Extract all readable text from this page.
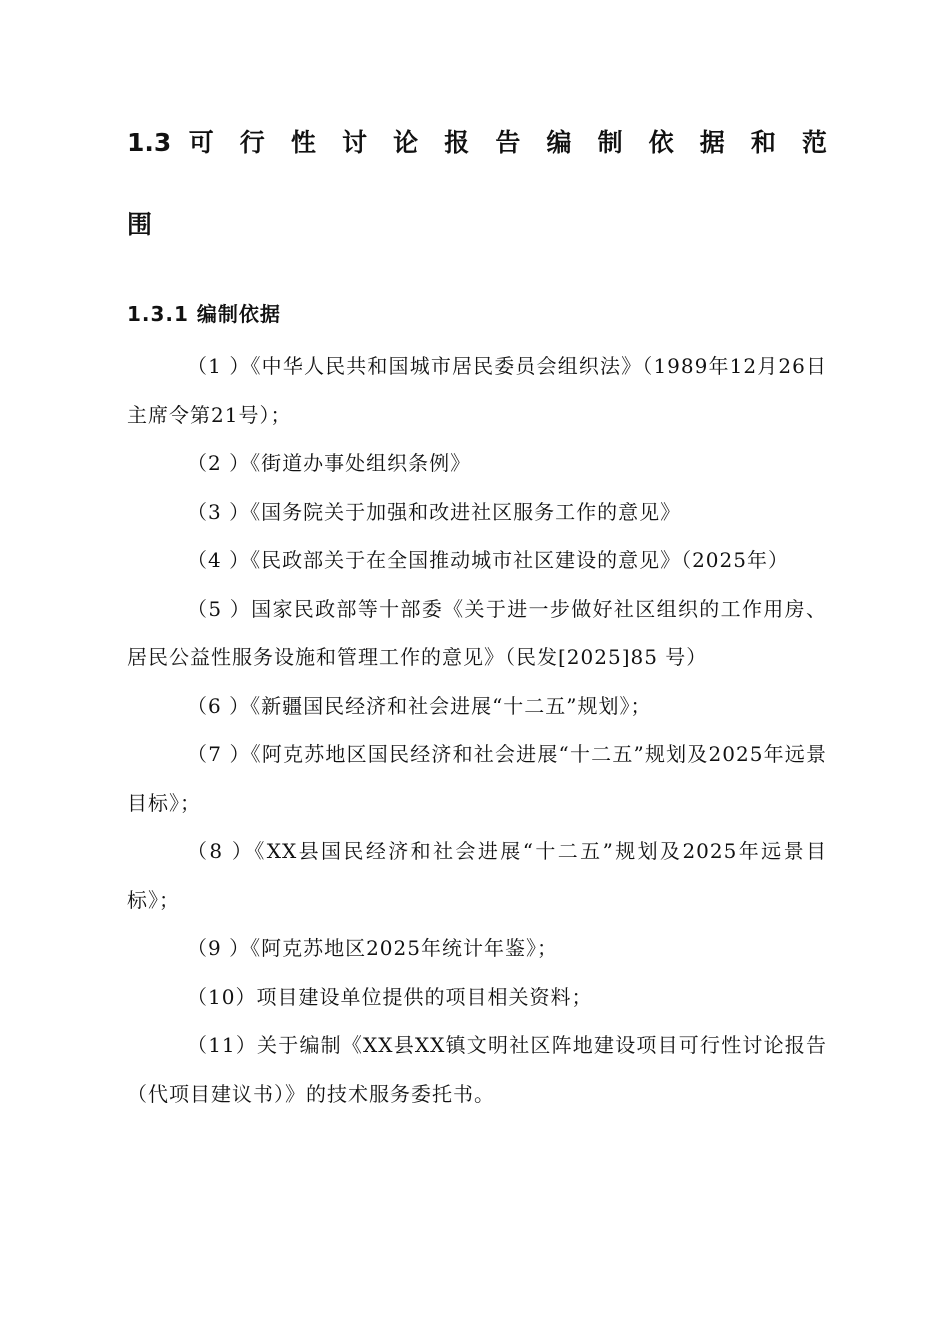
1.3 可 行 性 讨 论 报 告 编 制 依 据 和 范
围
1.3.1 编制依据
（1 ）《中华人民共和国城市居民委员会组织法》（1989年12月26日主席令第21号）；
（2 ）《街道办事处组织条例》
（3 ）《国务院关于加强和改进社区服务工作的意见》
（4 ）《民政部关于在全国推动城市社区建设的意见》（2025年）
（5 ）国家民政部等十部委《关于进一步做好社区组织的工作用房、居民公益性服务设施和管理工作的意见》（民发[2025]85 号）
（6 ）《新疆国民经济和社会进展“十二五”规划》；
（7 ）《阿克苏地区国民经济和社会进展“十二五”规划及2025年远景目标》；
（8 ）《XX县国民经济和社会进展“十二五”规划及2025年远景目标》；
（9 ）《阿克苏地区2025年统计年鉴》；
（10）项目建设单位提供的项目相关资料；
（11）关于编制《XX县XX镇文明社区阵地建设项目可行性讨论报告（代项目建议书）》的技术服务委托书。
